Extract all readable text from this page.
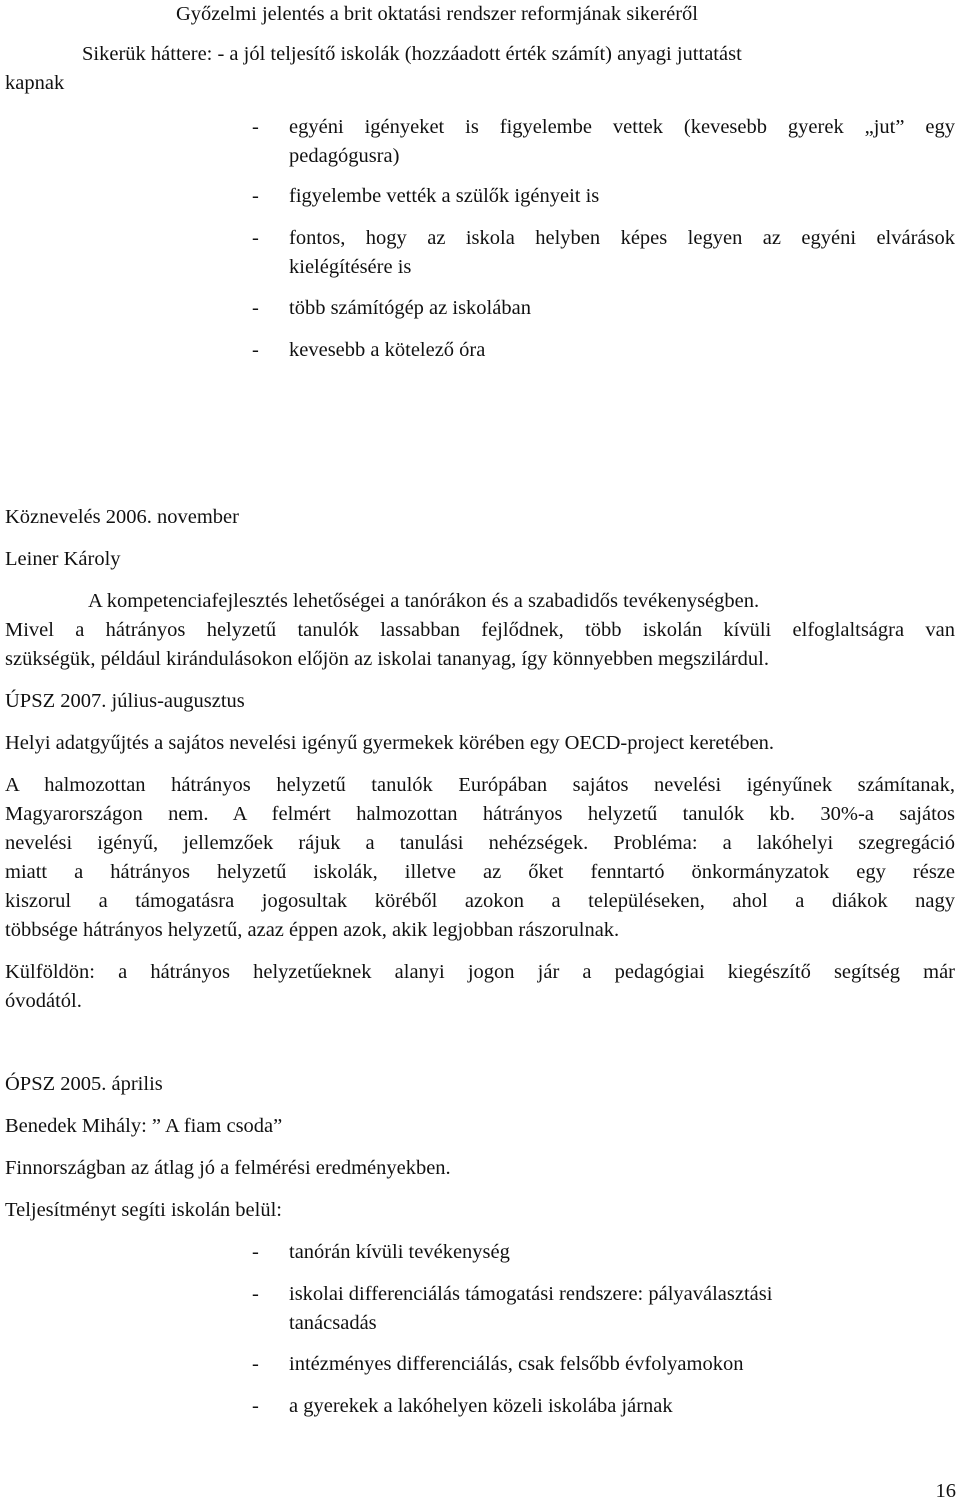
Győzelmi jelentés a brit oktatási rendszer reformjának sikeréről
Sikerük háttere: - a jól teljesítő iskolák (hozzáadott érték számít) anyagi juttatást
kapnak
- egyéni igényeket is figyelembe vettek (kevesebb gyerek „jut” egy
pedagógusra)
- figyelembe vették a szülők igényeit is
- fontos, hogy az iskola helyben képes legyen az egyéni elvárások
kielégítésére is
- több számítógép az iskolában
- kevesebb a kötelező óra
Köznevelés 2006. november
Leiner Károly
A kompetenciafejlesztés lehetőségei a tanórákon és a szabadidős tevékenységben.
Mivel a hátrányos helyzetű tanulók lassabban fejlődnek, több iskolán kívüli elfoglaltságra van
szükségük, például kirándulásokon előjön az iskolai tananyag, így könnyebben megszilárdul.
ÚPSZ 2007. július-augusztus
Helyi adatgyűjtés a sajátos nevelési igényű gyermekek körében egy OECD-project keretében.
A halmozottan hátrányos helyzetű tanulók Európában sajátos nevelési igényűnek számítanak,
Magyarországon nem. A felmért halmozottan hátrányos helyzetű tanulók kb. 30%-a sajátos
nevelési igényű, jellemzőek rájuk a tanulási nehézségek. Probléma: a lakóhelyi szegregáció
miatt a hátrányos helyzetű iskolák, illetve az őket fenntartó önkormányzatok egy része
kiszorul a támogatásra jogosultak köréből azokon a településeken, ahol a diákok nagy
többsége hátrányos helyzetű, azaz éppen azok, akik legjobban rászorulnak.
Külföldön: a hátrányos helyzetűeknek alanyi jogon jár a pedagógiai kiegészítő segítség már
óvodától.
ÓPSZ 2005. április
Benedek Mihály: ” A fiam csoda”
Finnországban az átlag jó a felmérési eredményekben.
Teljesítményt segíti iskolán belül:
- tanórán kívüli tevékenység
- iskolai differenciálás támogatási rendszere: pályaválasztási
tanácsadás
- intézményes differenciálás, csak felsőbb évfolyamokon
- a gyerekek a lakóhelyen közeli iskolába járnak
16
